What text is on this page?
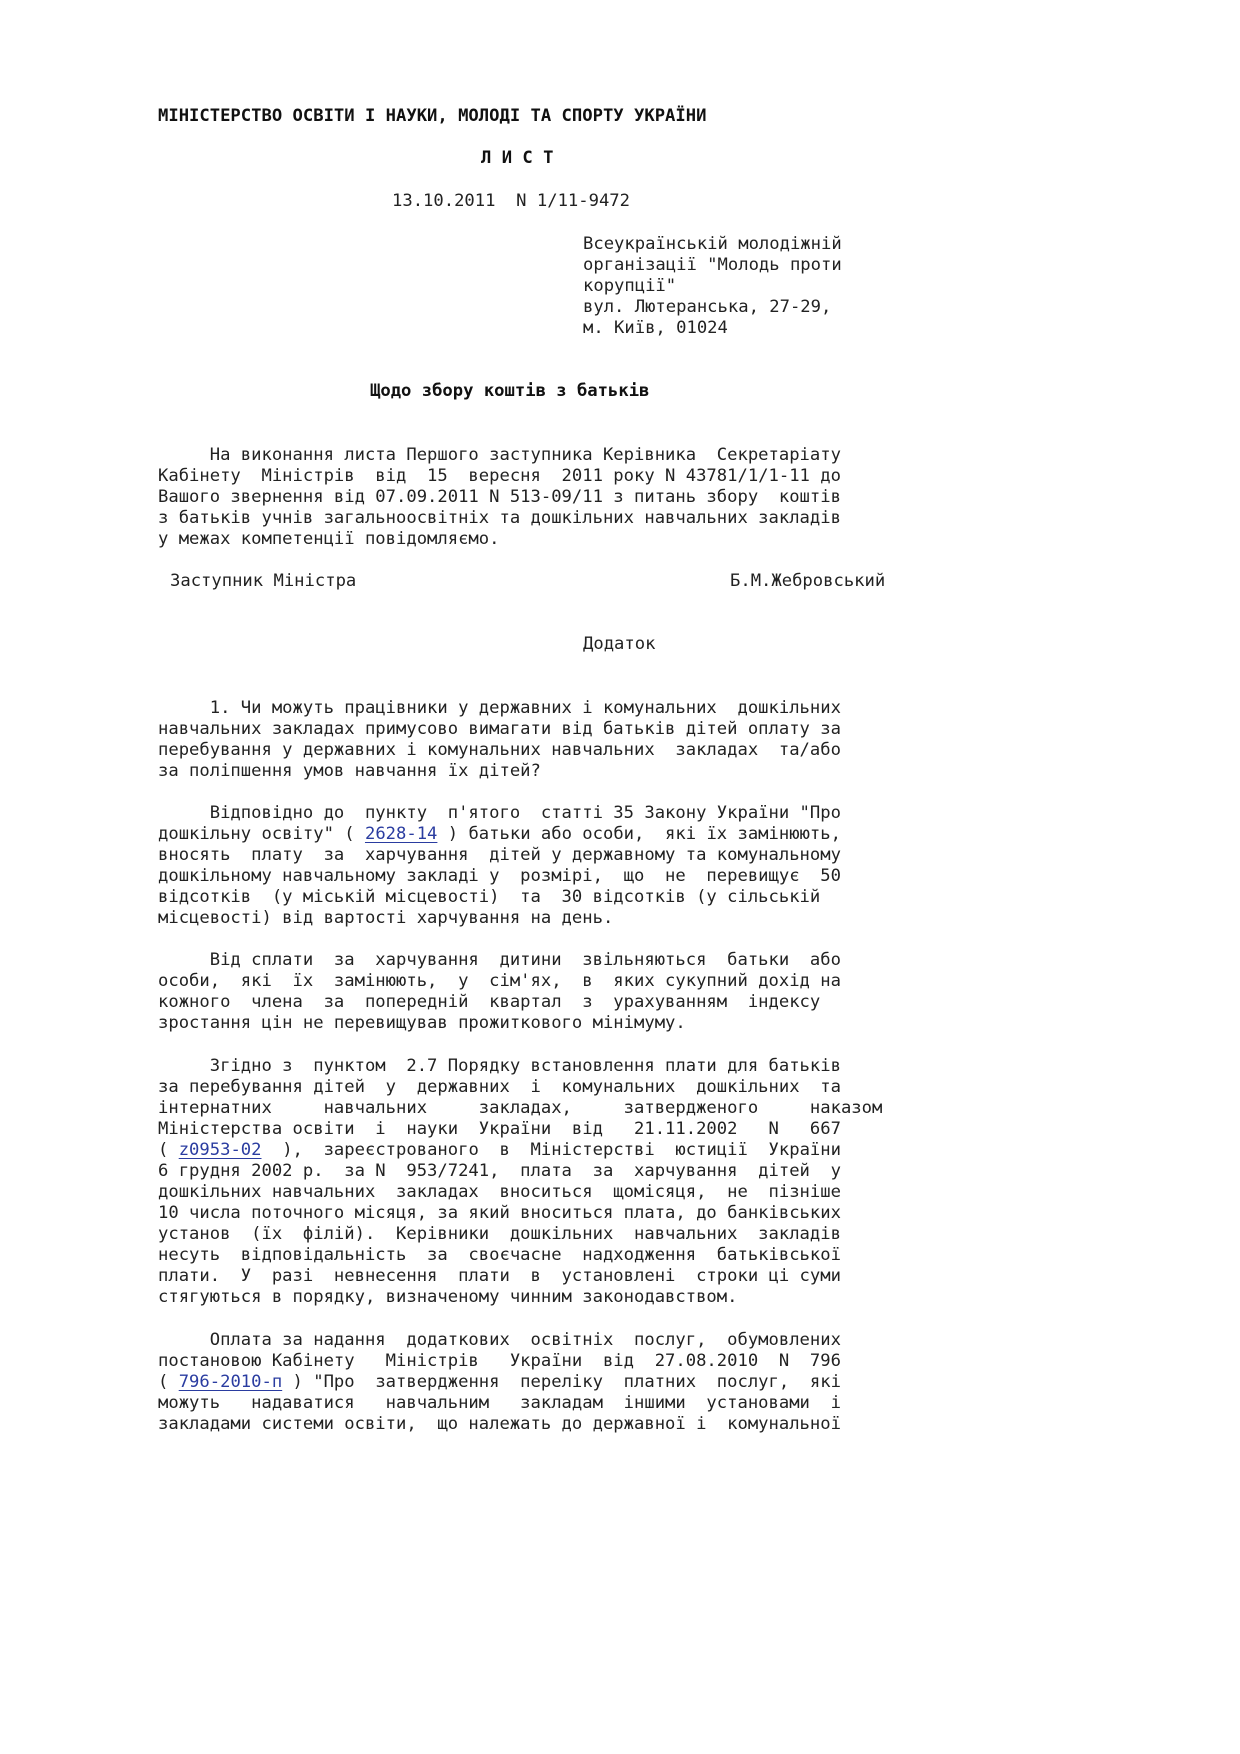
МІНІСТЕРСТВО ОСВІТИ І НАУКИ, МОЛОДІ ТА СПОРТУ УКРАЇНИ
Л И С Т
13.10.2011  N 1/11-9472
Всеукраїнській молодіжній
організації "Молодь проти
корупції"
вул. Лютеранська, 27-29,
м. Київ, 01024
Щодо збору коштів з батьків
На виконання листа Першого заступника Керівника  Секретаріату
Кабінету  Міністрів  від  15  вересня  2011 року N 43781/1/1-11 до
Вашого звернення від 07.09.2011 N 513-09/11 з питань збору  коштів
з батьків учнів загальноосвітніх та дошкільних навчальних закладів
у межах компетенції повідомляємо.
Заступник Міністра	Б.М.Жебровський
Додаток
1. Чи можуть працівники у державних і комунальних  дошкільних
навчальних закладах примусово вимагати від батьків дітей оплату за
перебування у державних і комунальних навчальних  закладах  та/або
за поліпшення умов навчання їх дітей?
Відповідно до  пункту  п'ятого  статті 35 Закону України "Про
дошкільну освіту" ( 2628-14 ) батьки або особи,  які їх замінюють,
вносять  плату  за  харчування  дітей у державному та комунальному
дошкільному навчальному закладі у  розмірі,  що  не  перевищує  50
відсотків  (у міській місцевості)  та  30 відсотків (у сільській
місцевості) від вартості харчування на день.
Від сплати  за  харчування  дитини  звільняються  батьки  або
особи,  які  їх  замінюють,  у  сім'ях,  в  яких сукупний дохід на
кожного  члена  за  попередній  квартал  з  урахуванням  індексу
зростання цін не перевищував прожиткового мінімуму.
Згідно з  пунктом  2.7 Порядку встановлення плати для батьків
за перебування дітей  у  державних  і  комунальних  дошкільних  та
інтернатних     навчальних     закладах,     затвердженого     наказом
Міністерства освіти  і  науки  України  від   21.11.2002   N   667
( z0953-02  ),  зареєстрованого  в  Міністерстві  юстиції  України
6 грудня 2002 р.  за N  953/7241,  плата  за  харчування  дітей  у
дошкільних навчальних  закладах  вноситься  щомісяця,  не  пізніше
10 числа поточного місяця, за який вноситься плата, до банківських
установ  (їх  філій).  Керівники  дошкільних  навчальних  закладів
несуть  відповідальність  за  своєчасне  надходження  батьківської
плати.  У  разі  невнесення  плати  в  установлені  строки ці суми
стягуються в порядку, визначеному чинним законодавством.
Оплата за надання  додаткових  освітніх  послуг,  обумовлених
постановою Кабінету   Міністрів   України  від  27.08.2010  N  796
( 796-2010-п ) "Про  затвердження  переліку  платних  послуг,  які
можуть   надаватися   навчальним   закладам  іншими  установами  і
закладами системи освіти,  що належать до державної і  комунальної
